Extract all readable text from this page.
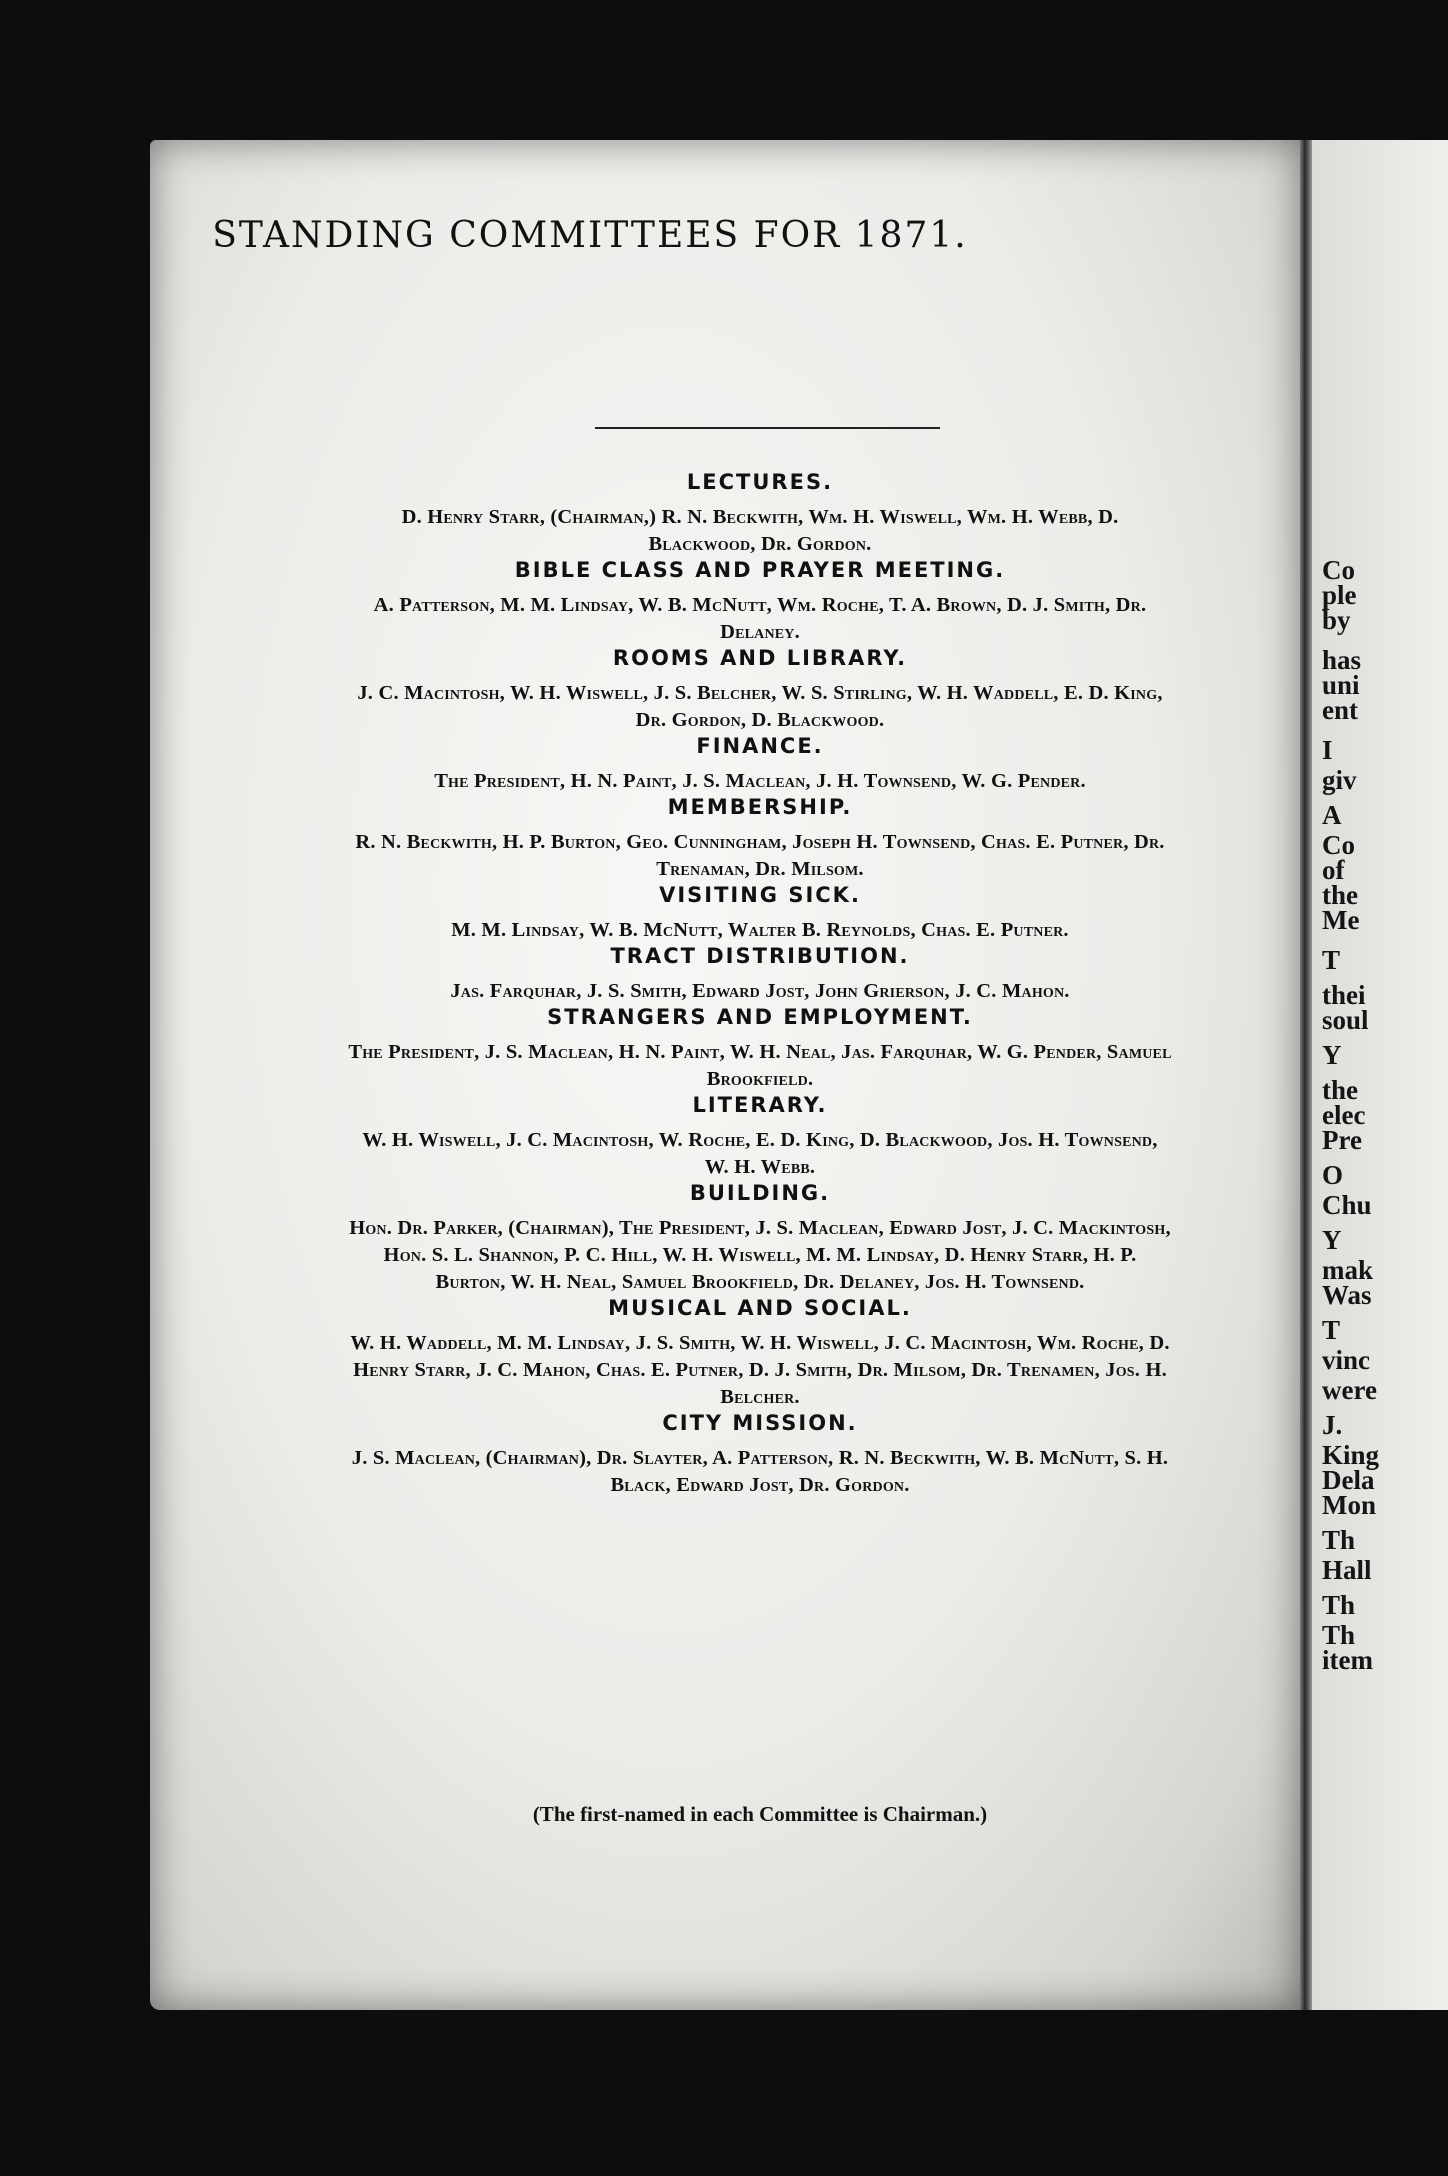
Co
ple
by
has
uni
ent
I
giv
A
Co
of
the
Me
T
thei
soul
Y
the
elec
Pre
O
Chu
Y
mak
Was
T
vinc
were
J.
King
Dela
Mon
Th
Hall
Th
Th
item
STANDING COMMITTEES FOR 1871.
LECTURES.
D. Henry Starr, (Chairman,) R. N. Beckwith, Wm. H. Wiswell, Wm. H. Webb, D. Blackwood, Dr. Gordon.
BIBLE CLASS AND PRAYER MEETING.
A. Patterson, M. M. Lindsay, W. B. McNutt, Wm. Roche, T. A. Brown, D. J. Smith, Dr. Delaney.
ROOMS AND LIBRARY.
J. C. Macintosh, W. H. Wiswell, J. S. Belcher, W. S. Stirling, W. H. Waddell, E. D. King, Dr. Gordon, D. Blackwood.
FINANCE.
The President, H. N. Paint, J. S. Maclean, J. H. Townsend, W. G. Pender.
MEMBERSHIP.
R. N. Beckwith, H. P. Burton, Geo. Cunningham, Joseph H. Townsend, Chas. E. Putner, Dr. Trenaman, Dr. Milsom.
VISITING SICK.
M. M. Lindsay, W. B. McNutt, Walter B. Reynolds, Chas. E. Putner.
TRACT DISTRIBUTION.
Jas. Farquhar, J. S. Smith, Edward Jost, John Grierson, J. C. Mahon.
STRANGERS AND EMPLOYMENT.
The President, J. S. Maclean, H. N. Paint, W. H. Neal, Jas. Farquhar, W. G. Pender, Samuel Brookfield.
LITERARY.
W. H. Wiswell, J. C. Macintosh, W. Roche, E. D. King, D. Blackwood, Jos. H. Townsend, W. H. Webb.
BUILDING.
Hon. Dr. Parker, (Chairman), The President, J. S. Maclean, Edward Jost, J. C. Mackintosh, Hon. S. L. Shannon, P. C. Hill, W. H. Wiswell, M. M. Lindsay, D. Henry Starr, H. P. Burton, W. H. Neal, Samuel Brookfield, Dr. Delaney, Jos. H. Townsend.
MUSICAL AND SOCIAL.
W. H. Waddell, M. M. Lindsay, J. S. Smith, W. H. Wiswell, J. C. Macintosh, Wm. Roche, D. Henry Starr, J. C. Mahon, Chas. E. Putner, D. J. Smith, Dr. Milsom, Dr. Trenamen, Jos. H. Belcher.
CITY MISSION.
J. S. Maclean, (Chairman), Dr. Slayter, A. Patterson, R. N. Beckwith, W. B. McNutt, S. H. Black, Edward Jost, Dr. Gordon.
(The first-named in each Committee is Chairman.)
